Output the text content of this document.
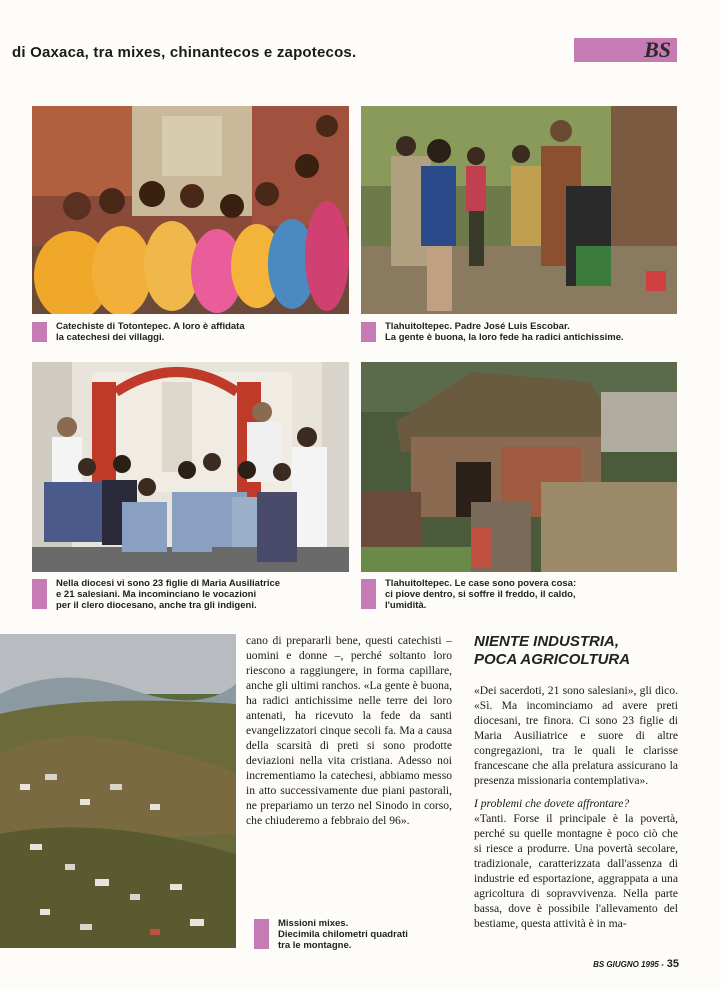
di Oaxaca, tra mixes, chinantecos e zapotecos.	BS
Catechiste di Totontepec. A loro è affidata
la catechesi dei villaggi.
Tlahuitoltepec. Padre José Luis Escobar.
La gente è buona, la loro fede ha radici antichissime.
Nella diocesi vi sono 23 figlie di Maria Ausiliatrice
e 21 salesiani. Ma incominciano le vocazioni
per il clero diocesano, anche tra gli indigeni.
Tlahuitoltepec. Le case sono povera cosa:
ci piove dentro, si soffre il freddo, il caldo,
l'umidità.

cano di prepararli bene, questi catechisti – uomini e donne –, perché soltanto loro riescono a raggiungere, in forma capillare, anche gli ultimi ranchos. «La gente è buona, ha radici antichissime nelle terre dei loro antenati, ha ricevuto la fede da santi evangelizzatori cinque secoli fa. Ma a causa della scarsità di preti si sono prodotte deviazioni nella vita cristiana. Adesso noi incrementiamo la catechesi, abbiamo messo in atto successivamente due piani pastorali, ne prepariamo un terzo nel Sinodo in corso, che chiuderemo a febbraio del 96».

Missioni mixes.
Diecimila chilometri quadrati
tra le montagne.
NIENTE INDUSTRIA,
POCA AGRICOLTURA

«Dei sacerdoti, 21 sono salesiani», gli dico. «Sì. Ma incominciamo ad avere preti diocesani, tre finora. Ci sono 23 figlie di Maria Ausiliatrice e suore di altre congregazioni, tra le quali le clarisse francescane che alla prelatura assicurano la presenza missionaria contemplativa».

I problemi che dovete affrontare?

«Tanti. Forse il principale è la povertà, perché su quelle montagne è poco ciò che si riesce a produrre. Una povertà secolare, tradizionale, caratterizzata dall'assenza di industrie ed esportazione, aggrappata a una agricoltura di sopravvivenza. Nella parte bassa, dove è possibile l'allevamento del bestiame, questa attività è in ma-

BS GIUGNO 1995 - 35
